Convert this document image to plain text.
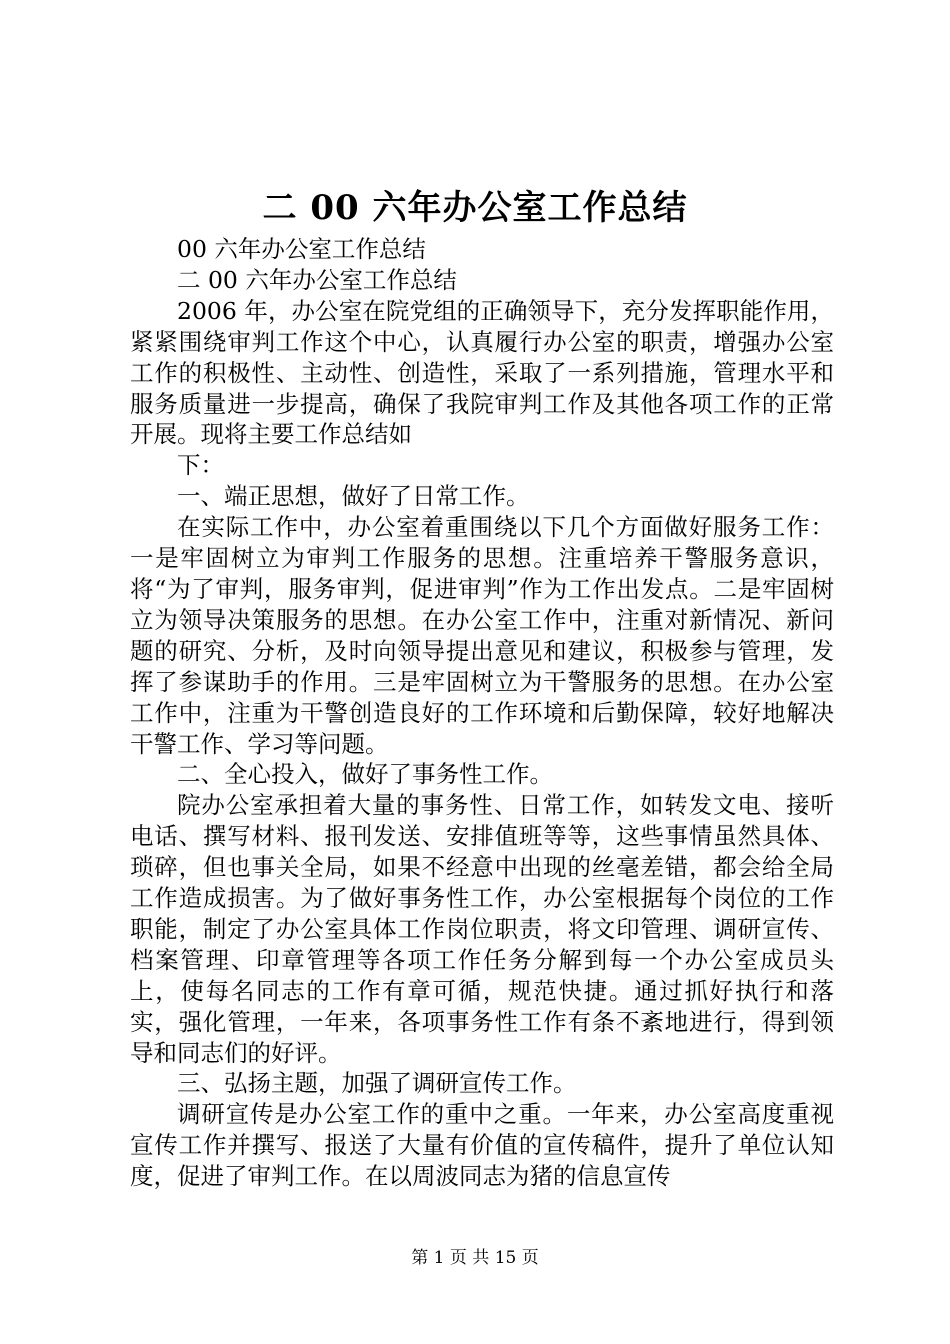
二 00 六年办公室工作总结

00 六年办公室工作总结

二 00 六年办公室工作总结

2006 年，办公室在院党组的正确领导下，充分发挥职能作用，紧紧围绕审判工作这个中心，认真履行办公室的职责，增强办公室工作的积极性、主动性、创造性，采取了一系列措施，管理水平和服务质量进一步提高，确保了我院审判工作及其他各项工作的正常开展。现将主要工作总结如

下：

一、端正思想，做好了日常工作。

在实际工作中，办公室着重围绕以下几个方面做好服务工作：一是牢固树立为审判工作服务的思想。注重培养干警服务意识，将“为了审判，服务审判，促进审判”作为工作出发点。二是牢固树立为领导决策服务的思想。在办公室工作中，注重对新情况、新问题的研究、分析，及时向领导提出意见和建议，积极参与管理，发挥了参谋助手的作用。三是牢固树立为干警服务的思想。在办公室工作中，注重为干警创造良好的工作环境和后勤保障，较好地解决干警工作、学习等问题。

二、全心投入，做好了事务性工作。

院办公室承担着大量的事务性、日常工作，如转发文电、接听电话、撰写材料、报刊发送、安排值班等等，这些事情虽然具体、琐碎，但也事关全局，如果不经意中出现的丝毫差错，都会给全局工作造成损害。为了做好事务性工作，办公室根据每个岗位的工作职能，制定了办公室具体工作岗位职责，将文印管理、调研宣传、档案管理、印章管理等各项工作任务分解到每一个办公室成员头上，使每名同志的工作有章可循，规范快捷。通过抓好执行和落实，强化管理，一年来，各项事务性工作有条不紊地进行，得到领导和同志们的好评。

三、弘扬主题，加强了调研宣传工作。

调研宣传是办公室工作的重中之重。一年来，办公室高度重视宣传工作并撰写、报送了大量有价值的宣传稿件，提升了单位认知度，促进了审判工作。在以周波同志为猪的信息宣传

第 1 页 共 15 页
